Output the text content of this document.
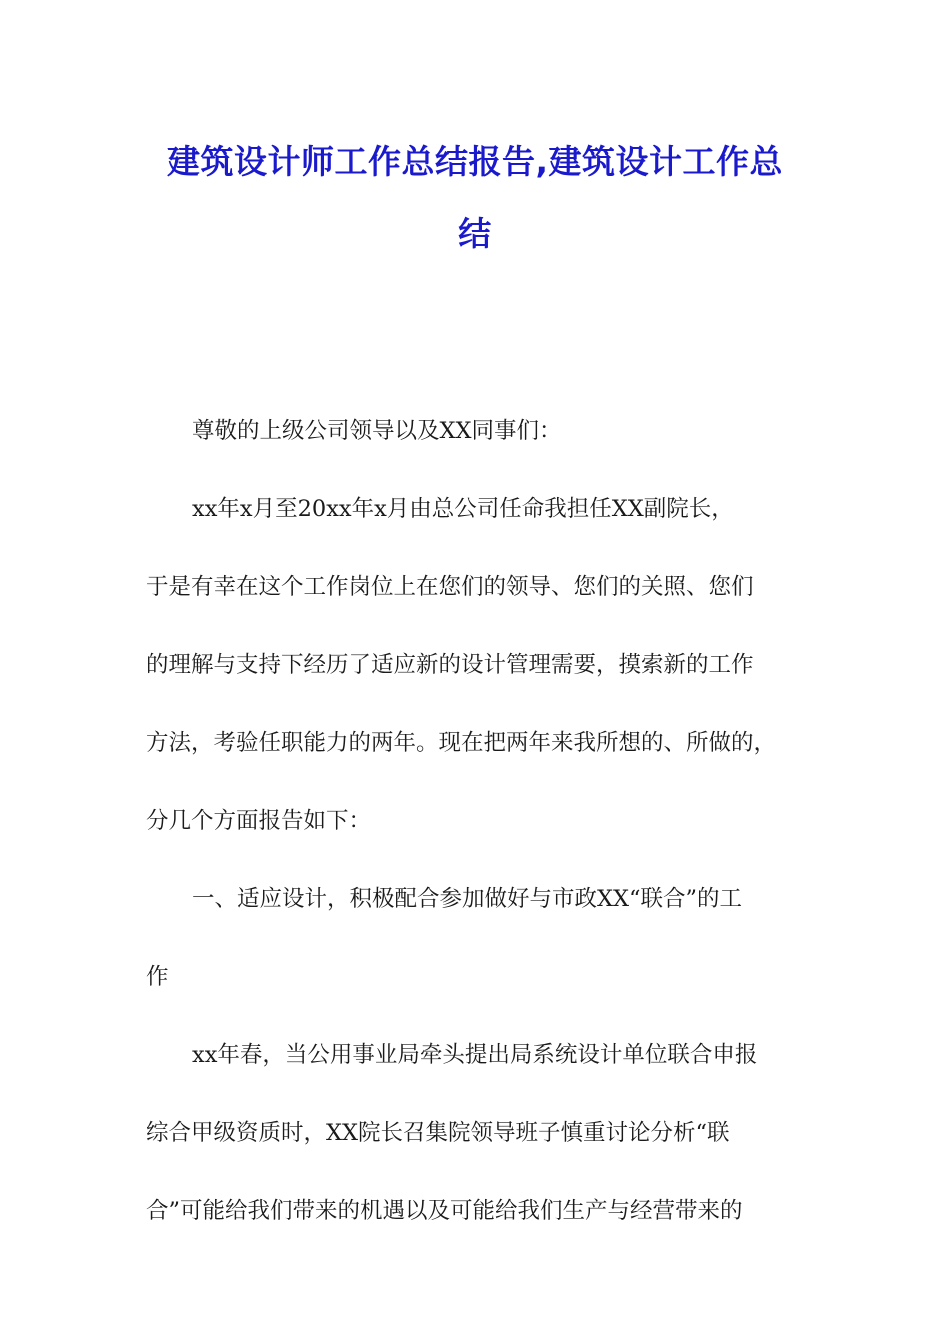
建筑设计师工作总结报告,建筑设计工作总
结
尊敬的上级公司领导以及XX同事们：
xx年x月至20xx年x月由总公司任命我担任XX副院长，
于是有幸在这个工作岗位上在您们的领导、您们的关照、您们
的理解与支持下经历了适应新的设计管理需要，摸索新的工作
方法，考验任职能力的两年。现在把两年来我所想的、所做的，
分几个方面报告如下：
一、适应设计，积极配合参加做好与市政XX“联合”的工
作
xx年春，当公用事业局牵头提出局系统设计单位联合申报
综合甲级资质时，XX院长召集院领导班子慎重讨论分析“联
合”可能给我们带来的机遇以及可能给我们生产与经营带来的
